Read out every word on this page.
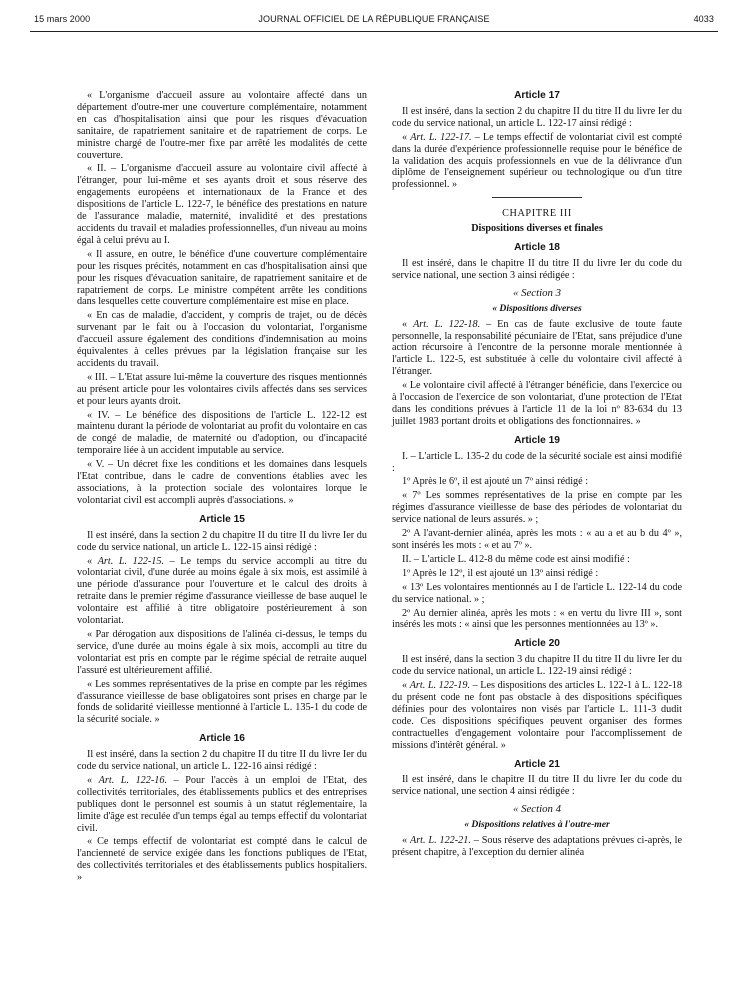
15 mars 2000	JOURNAL OFFICIEL DE LA RÉPUBLIQUE FRANÇAISE	4033

« L'organisme d'accueil assure au volontaire affecté dans un département d'outre-mer une couverture complémentaire, notamment en cas d'hospitalisation ainsi que pour les risques d'évacuation sanitaire, de rapatriement sanitaire et de rapatriement de corps. Le ministre chargé de l'outre-mer fixe par arrêté les modalités de cette couverture.

« II. – L'organisme d'accueil assure au volontaire civil affecté à l'étranger, pour lui-même et ses ayants droit et sous réserve des engagements européens et internationaux de la France et des dispositions de l'article L. 122-7, le bénéfice des prestations en nature de l'assurance maladie, maternité, invalidité et des prestations accidents du travail et maladies professionnelles, d'un niveau au moins égal à celui prévu au I.

« Il assure, en outre, le bénéfice d'une couverture complémentaire pour les risques précités, notamment en cas d'hospitalisation ainsi que pour les risques d'évacuation sanitaire, de rapatriement sanitaire et de rapatriement de corps. Le ministre compétent arrête les conditions dans lesquelles cette couverture complémentaire est mise en place.

« En cas de maladie, d'accident, y compris de trajet, ou de décès survenant par le fait ou à l'occasion du volontariat, l'organisme d'accueil assure également des conditions d'indemnisation au moins équivalentes à celles prévues par la législation française sur les accidents du travail.

« III. – L'Etat assure lui-même la couverture des risques mentionnés au présent article pour les volontaires civils affectés dans ses services et pour leurs ayants droit.

« IV. – Le bénéfice des dispositions de l'article L. 122-12 est maintenu durant la période de volontariat au profit du volontaire en cas de congé de maladie, de maternité ou d'adoption, ou d'incapacité temporaire liée à un accident imputable au service.

« V. – Un décret fixe les conditions et les domaines dans lesquels l'Etat contribue, dans le cadre de conventions établies avec les associations, à la protection sociale des volontaires lorque le volontariat civil est accompli auprès d'associations. »

Article 15

Il est inséré, dans la section 2 du chapitre II du titre II du livre Ier du code du service national, un article L. 122-15 ainsi rédigé :

« Art. L. 122-15. – Le temps du service accompli au titre du volontariat civil, d'une durée au moins égale à six mois, est assimilé à une période d'assurance pour l'ouverture et le calcul des droits à retraite dans le premier régime d'assurance vieillesse de base auquel le volontaire est affilié à titre obligatoire postérieurement à son volontariat.

« Par dérogation aux dispositions de l'alinéa ci-dessus, le temps du service, d'une durée au moins égale à six mois, accompli au titre du volontariat est pris en compte par le régime spécial de retraite auquel l'assuré est ultérieurement affilié.

« Les sommes représentatives de la prise en compte par les régimes d'assurance vieillesse de base obligatoires sont prises en charge par le fonds de solidarité vieillesse mentionné à l'article L. 135-1 du code de la sécurité sociale. »

Article 16

Il est inséré, dans la section 2 du chapitre II du titre II du livre Ier du code du service national, un article L. 122-16 ainsi rédigé :

« Art. L. 122-16. – Pour l'accès à un emploi de l'Etat, des collectivités territoriales, des établissements publics et des entreprises publiques dont le personnel est soumis à un statut réglementaire, la limite d'âge est reculée d'un temps égal au temps effectif du volontariat civil.

« Ce temps effectif de volontariat est compté dans le calcul de l'ancienneté de service exigée dans les fonctions publiques de l'Etat, des collectivités territoriales et des établissements publics hospitaliers. »

Article 17

Il est inséré, dans la section 2 du chapitre II du titre II du livre Ier du code du service national, un article L. 122-17 ainsi rédigé :

« Art. L. 122-17. – Le temps effectif de volontariat civil est compté dans la durée d'expérience professionnelle requise pour le bénéfice de la validation des acquis professionnels en vue de la délivrance d'un diplôme de l'enseignement supérieur ou technologique ou d'un titre professionnel. »

CHAPITRE III
Dispositions diverses et finales
Article 18

Il est inséré, dans le chapitre II du titre II du livre Ier du code du service national, une section 3 ainsi rédigée :

« Section 3
« Dispositions diverses

« Art. L. 122-18. – En cas de faute exclusive de toute faute personnelle, la responsabilité pécuniaire de l'Etat, sans préjudice d'une action récursoire à l'encontre de la personne morale mentionnée à l'article L. 122-5, est substituée à celle du volontaire civil affecté à l'étranger.

« Le volontaire civil affecté à l'étranger bénéficie, dans l'exercice ou à l'occasion de l'exercice de son volontariat, d'une protection de l'Etat dans les conditions prévues à l'article 11 de la loi nº 83-634 du 13 juillet 1983 portant droits et obligations des fonctionnaires. »

Article 19

I. – L'article L. 135-2 du code de la sécurité sociale est ainsi modifié :

1º Après le 6º, il est ajouté un 7º ainsi rédigé :

« 7º Les sommes représentatives de la prise en compte par les régimes d'assurance vieillesse de base des périodes de volontariat du service national de leurs assurés. » ;

2º A l'avant-dernier alinéa, après les mots : « au a et au b du 4º », sont insérés les mots : « et au 7º ».

II. – L'article L. 412-8 du même code est ainsi modifié :

1º Après le 12º, il est ajouté un 13º ainsi rédigé :

« 13º Les volontaires mentionnés au I de l'article L. 122-14 du code du service national. » ;

2º Au dernier alinéa, après les mots : « en vertu du livre III », sont insérés les mots : « ainsi que les personnes mentionnées au 13º ».

Article 20

Il est inséré, dans la section 3 du chapitre II du titre II du livre Ier du code du service national, un article L. 122-19 ainsi rédigé :

« Art. L. 122-19. – Les dispositions des articles L. 122-1 à L. 122-18 du présent code ne font pas obstacle à des dispositions spécifiques définies pour des volontaires non visés par l'article L. 111-3 dudit code. Ces dispositions spécifiques peuvent organiser des formes contractuelles d'engagement volontaire pour l'accomplissement de missions d'intérêt général. »

Article 21

Il est inséré, dans le chapitre II du titre II du livre Ier du code du service national, une section 4 ainsi rédigée :

« Section 4
« Dispositions relatives à l'outre-mer

« Art. L. 122-21. – Sous réserve des adaptations prévues ci-après, le présent chapitre, à l'exception du dernier alinéa
